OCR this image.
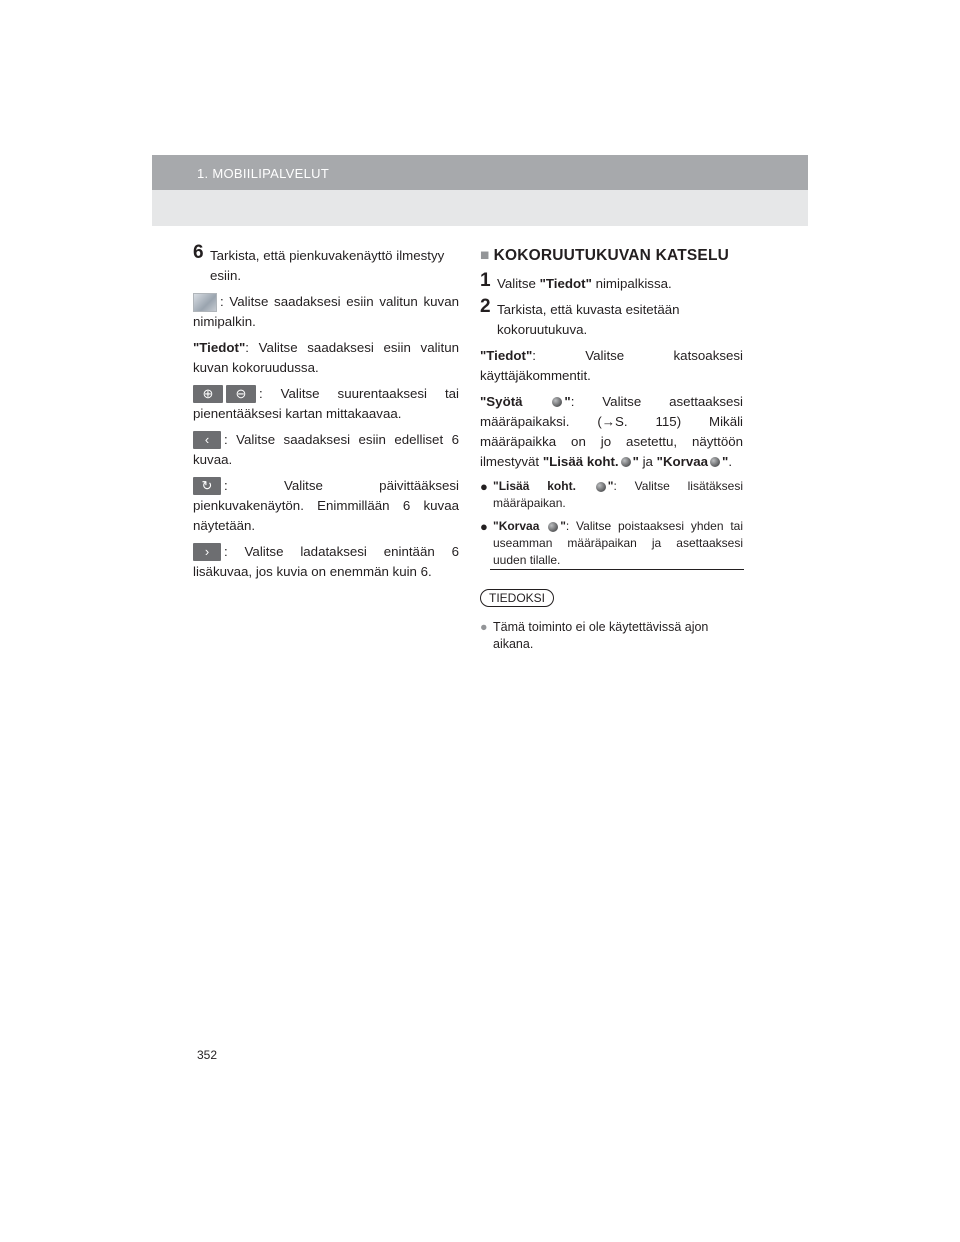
1. MOBIILIPALVELUT
6 Tarkista, että pienkuvakenäyttö ilmestyy esiin.
: Valitse saadaksesi esiin valitun kuvan nimipalkin.
"Tiedot": Valitse saadaksesi esiin valitun kuvan kokoruudussa.
⊕ ⊖ : Valitse suurentaaksesi tai pienentääksesi kartan mittakaavaa.
‹ : Valitse saadaksesi esiin edelliset 6 kuvaa.
↻ : Valitse päivittääksesi pienkuvakenäytön. Enimmillään 6 kuvaa näytetään.
› : Valitse ladataksesi enintään 6 lisäkuvaa, jos kuvia on enemmän kuin 6.
■ KOKORUUTUKUVAN KATSELU
1 Valitse "Tiedot" nimipalkissa.
2 Tarkista, että kuvasta esitetään kokoruutukuva.
"Tiedot": Valitse katsoaksesi käyttäjäkommentit.
"Syötä	": Valitse asettaaksesi määräpaikaksi. (→S. 115) Mikäli määräpaikka on jo asetettu, näyttöön ilmestyvät "Lisää koht. " ja "Korvaa ".
● "Lisää koht.	": Valitse lisätäksesi määräpaikan.
● "Korvaa ": Valitse poistaaksesi yhden tai useamman määräpaikan ja asettaaksesi uuden tilalle.
TIEDOKSI
● Tämä toiminto ei ole käytettävissä ajon aikana.
352
